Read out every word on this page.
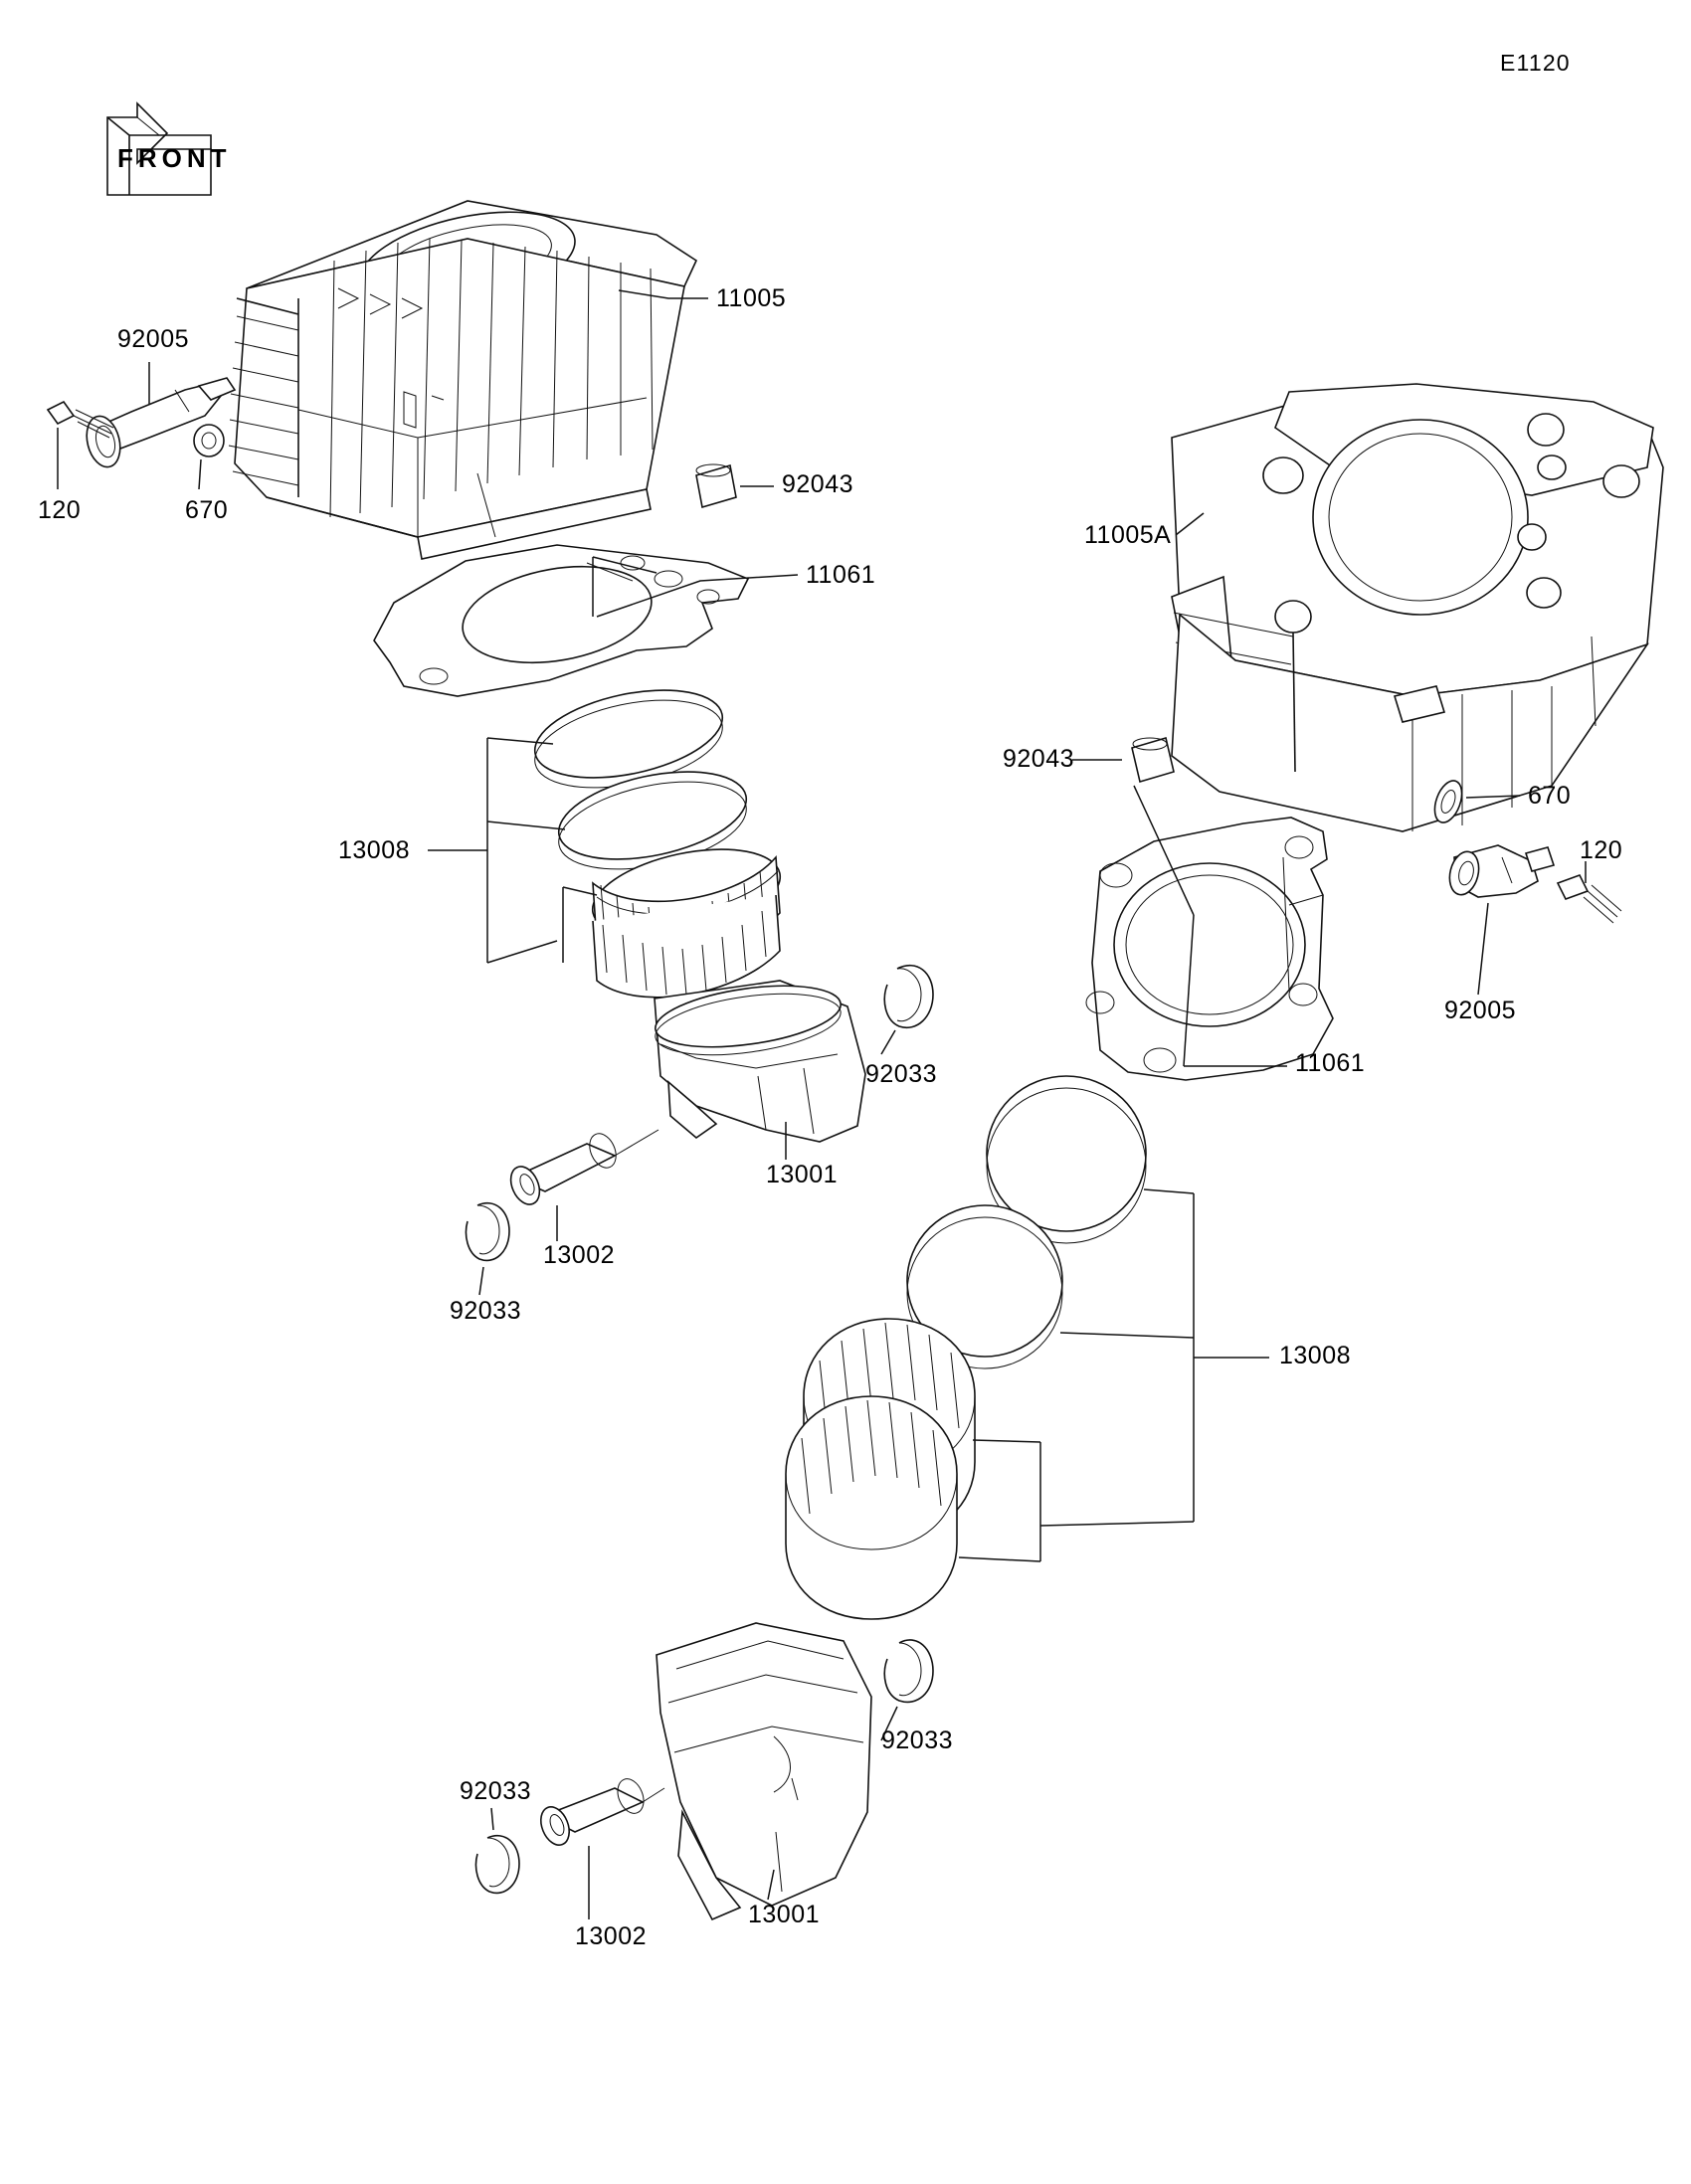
E1120
FRONT
11005
92005
120	670
92043
11061
13008
92033
13001
13002
92033
11005A
92043
670
120
92005
11061
13008
92033
13001
13002
92033
